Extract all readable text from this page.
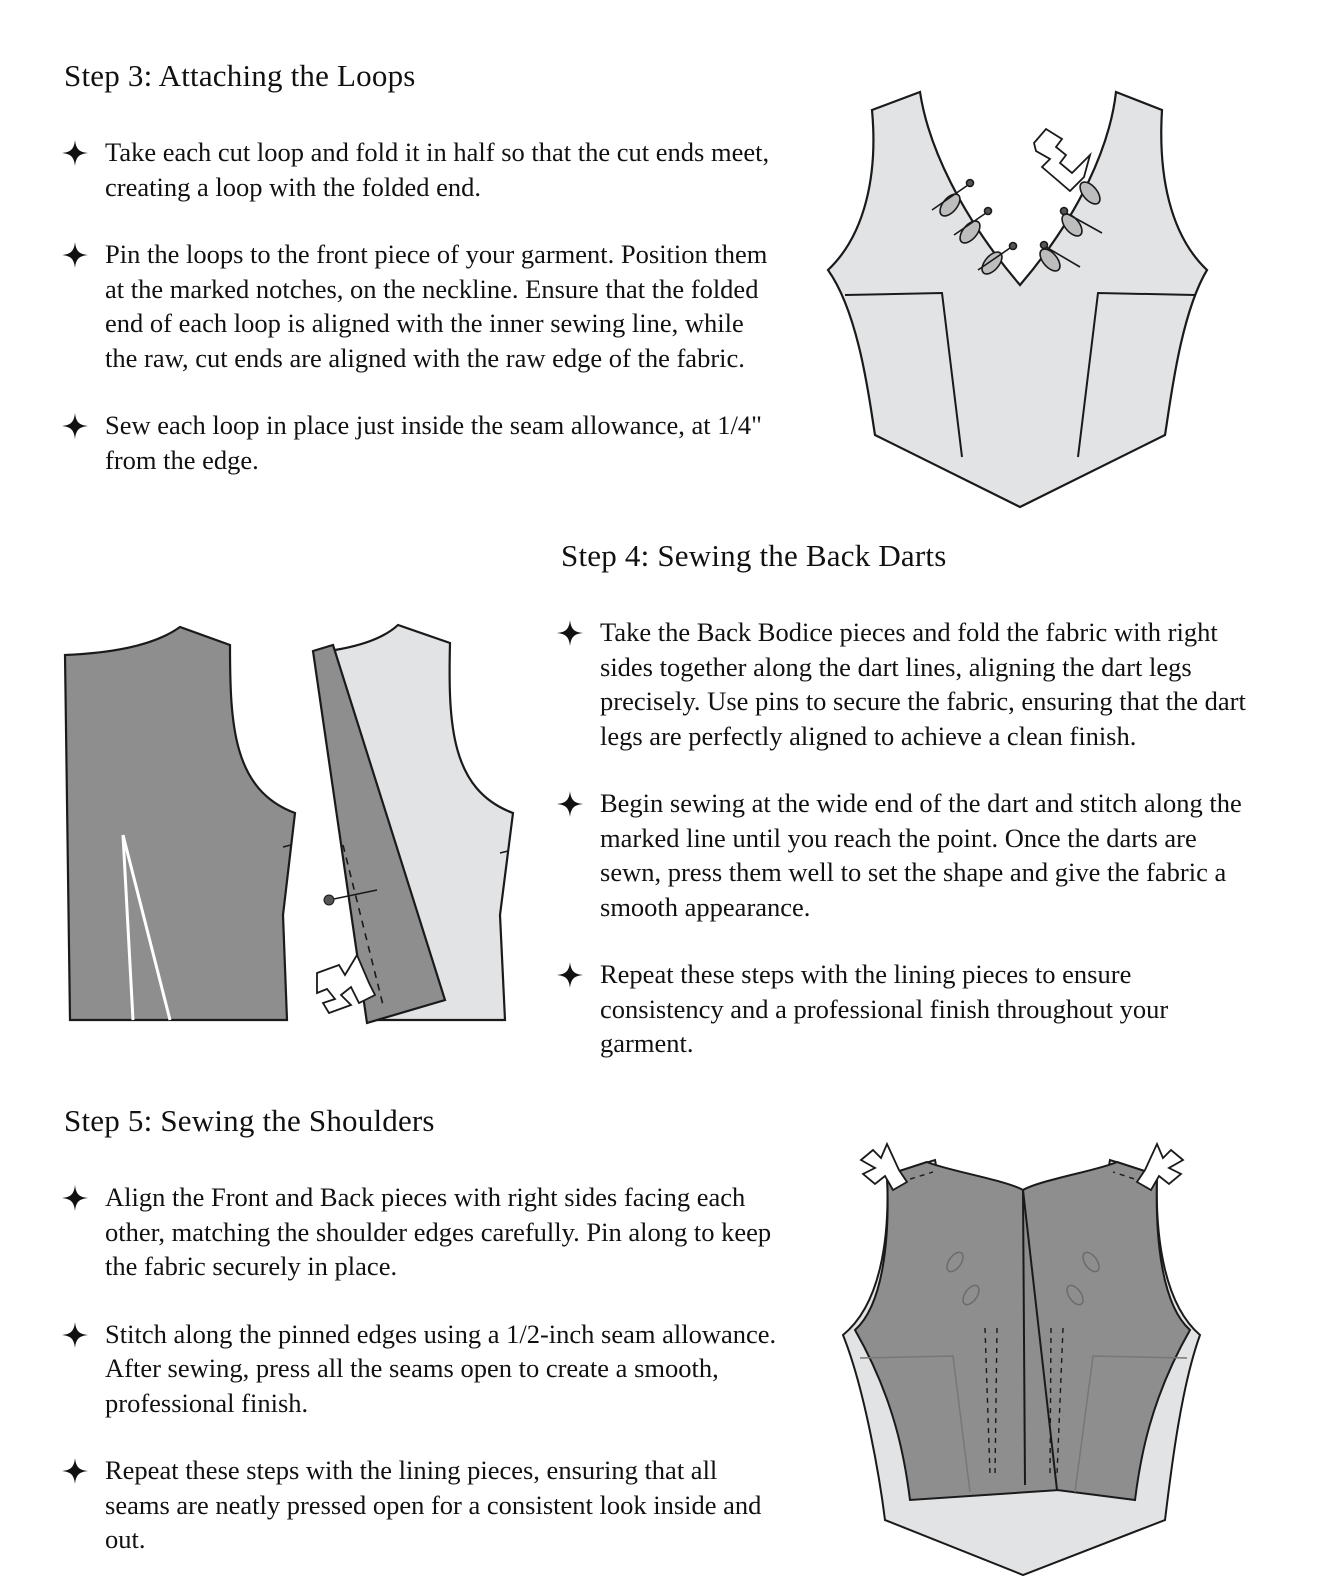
Step 3: Attaching the Loops
Take each cut loop and fold it in half so that the cut ends meet, creating a loop with the folded end.
Pin the loops to the front piece of your garment. Position them at the marked notches, on the neckline. Ensure that the folded end of each loop is aligned with the inner sewing line, while the raw, cut ends are aligned with the raw edge of the fabric.
Sew each loop in place just inside the seam allowance, at 1/4" from the edge.
Step 4: Sewing the Back Darts
Take the Back Bodice pieces and fold the fabric with right sides together along the dart lines, aligning the dart legs precisely. Use pins to secure the fabric, ensuring that the dart legs are perfectly aligned to achieve a clean finish.
Begin sewing at the wide end of the dart and stitch along the marked line until you reach the point. Once the darts are sewn, press them well to set the shape and give the fabric a smooth appearance.
Repeat these steps with the lining pieces to ensure consistency and a professional finish throughout your garment.
Step 5: Sewing the Shoulders
Align the Front and Back pieces with right sides facing each other, matching the shoulder edges carefully. Pin along to keep the fabric securely in place.
Stitch along the pinned edges using a 1/2-inch seam allowance. After sewing, press all the seams open to create a smooth, professional finish.
Repeat these steps with the lining pieces, ensuring that all seams are neatly pressed open for a consistent look inside and out.
